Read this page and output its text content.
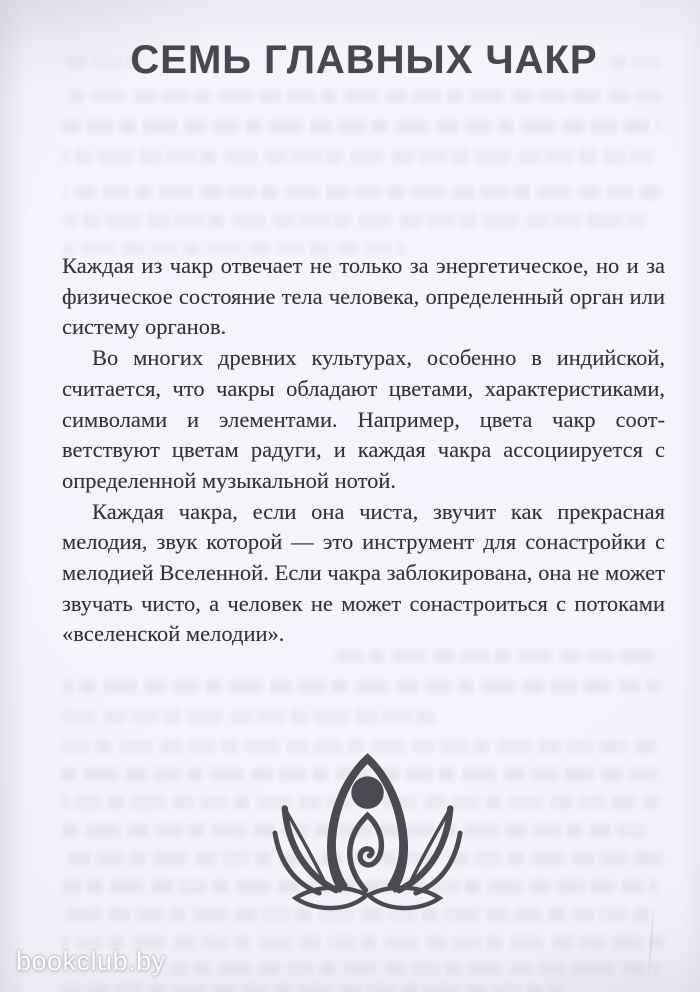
СЕМЬ ГЛАВНЫХ ЧАКР

Каждая из чакр отвечает не только за энергетическое, но и за физическое состояние тела человека, определенный орган или систему органов.

Во многих древних культурах, особенно в индийской, считается, что чакры обладают цветами, характеристиками, символами и элементами. Например, цвета чакр соответствуют цветам радуги, и каждая чакра ассоциируется с определенной музыкальной нотой.

Каждая чакра, если она чиста, звучит как прекрасная мелодия, звук которой — это инструмент для сонастройки с мелодией Вселенной. Если чакра заблокирована, она не может звучать чисто, а человек не может сонастроиться с потоками «вселенской мелодии».

bookclub.by
